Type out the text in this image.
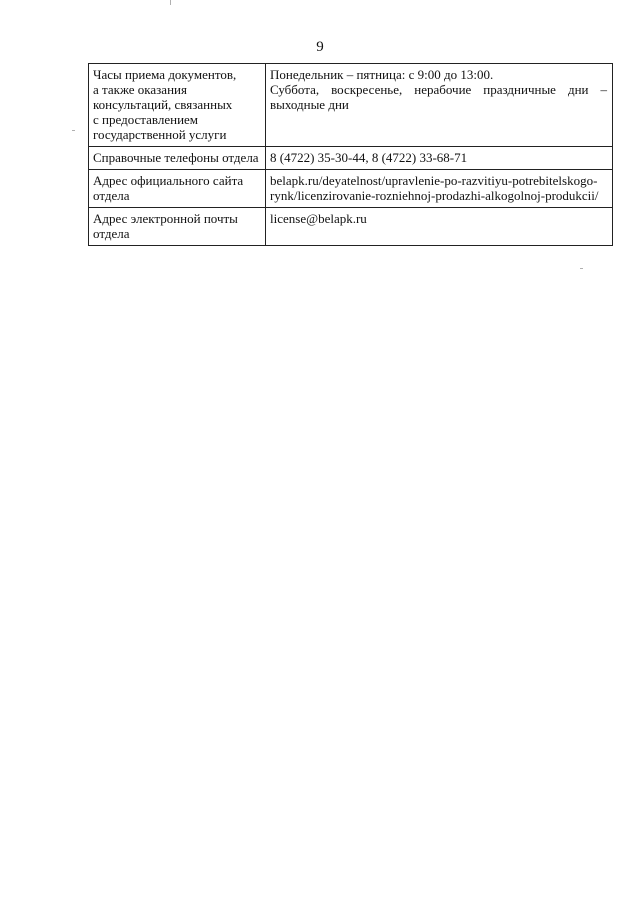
9
Часы приема документов,
а также оказания
консультаций, связанных
с предоставлением
государственной услуги	Понедельник – пятница: с 9:00 до 13:00.
Суббота, воскресенье, нерабочие праздничные дни –
выходные дни

Справочные телефоны отдела	8 (4722) 35-30-44, 8 (4722) 33-68-71

Адрес официального сайта
отдела	belapk.ru/deyatelnost/upravlenie-po-razvitiyu-potrebitelskogo-
rynk/licenzirovanie-rozniehnoj-prodazhi-alkogolnoj-produkcii/

Адрес электронной почты
отдела	license@belapk.ru
